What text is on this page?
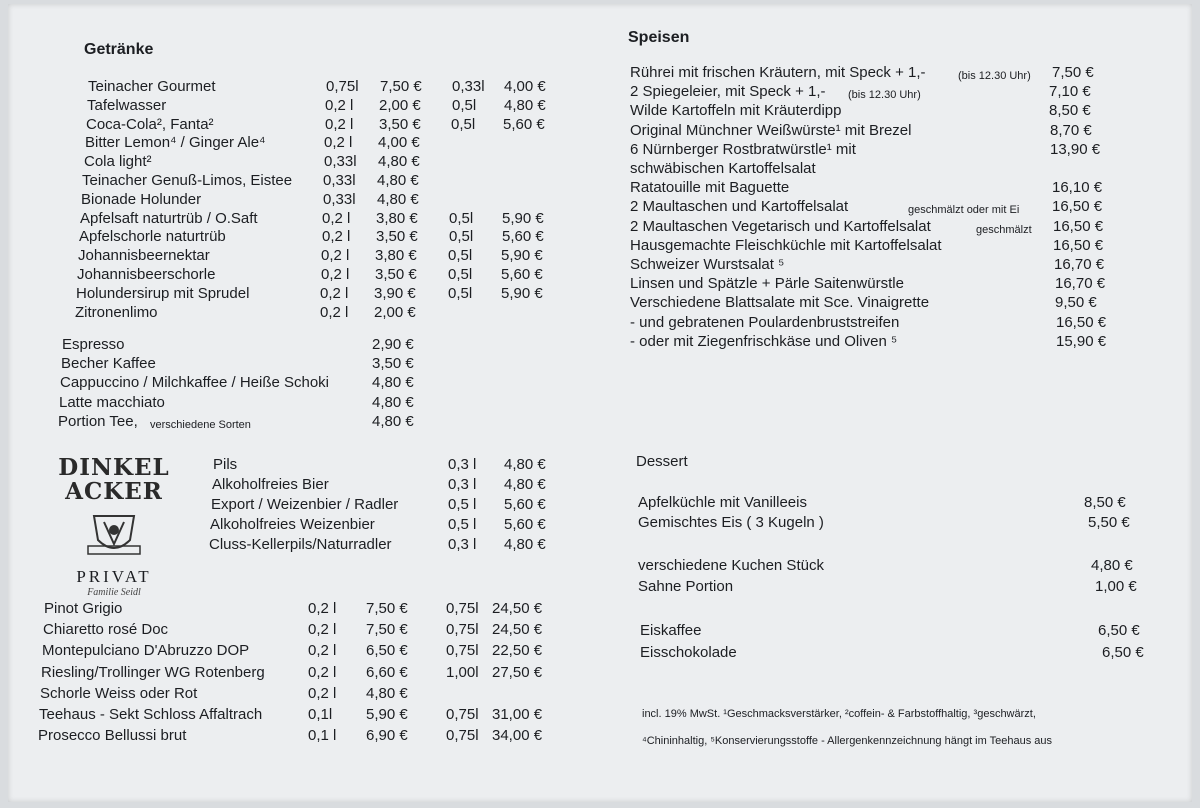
Getränke
Teinacher Gourmet	0,75l 7,50 € 0,33l 4,00 €
Tafelwasser	0,2 l 2,00 € 0,5l 4,80 €
Coca-Cola², Fanta²	0,2 l 3,50 € 0,5l 5,60 €
Bitter Lemon⁴ / Ginger Ale⁴	0,2 l 4,00 €
Cola light²	0,33l 4,80 €
Teinacher Genuß-Limos, Eistee 0,33l 4,80 €
Bionade Holunder	0,33l 4,80 €
Apfelsaft naturtrüb / O.Saft	0,2 l 3,80 € 0,5l 5,90 €
Apfelschorle naturtrüb	0,2 l 3,50 € 0,5l 5,60 €
Johannisbeernektar	0,2 l 3,80 € 0,5l 5,90 €
Johannisbeerschorle	0,2 l 3,50 € 0,5l 5,60 €
Holundersirup mit Sprudel	0,2 l 3,90 € 0,5l 5,90 €
Zitronenlimo	0,2 l 2,00 €
Espresso	2,90 €
Becher Kaffee	3,50 €
Cappuccino / Milchkaffee / Heiße Schoki	4,80 €
Latte macchiato	4,80 €
Portion Tee, verschiedene Sorten	4,80 €
DINKEL
ACKER
PRIVAT
Familie Seidl
Pils	0,3 l 4,80 €
Alkoholfreies Bier	0,3 l 4,80 €
Export / Weizenbier / Radler	0,5 l 5,60 €
Alkoholfreies Weizenbier	0,5 l 5,60 €
Cluss-Kellerpils/Naturradler	0,3 l 4,80 €
Pinot Grigio	0,2 l 7,50 €	0,75l 24,50 €
Chiaretto rosé Doc	0,2 l 7,50 €	0,75l 24,50 €
Montepulciano D'Abruzzo DOP	0,2 l 6,50 €	0,75l 22,50 €
Riesling/Trollinger WG Rotenberg	0,2 l 6,60 €	1,00l 27,50 €
Schorle Weiss oder Rot	0,2 l 4,80 €
Teehaus - Sekt Schloss Affaltrach	0,1l 5,90 €	0,75l 31,00 €
Prosecco Bellussi brut	0,1 l 6,90 €	0,75l 34,00 €
Speisen
Rührei mit frischen Kräutern, mit Speck + 1,-	7,50 €
(bis 12.30 Uhr)
2 Spiegeleier, mit Speck + 1,-	7,10 €
(bis 12.30 Uhr)
Wilde Kartoffeln mit Kräuterdipp	8,50 €
Original Münchner Weißwürste¹ mit Brezel	8,70 €
6 Nürnberger Rostbratwürstle¹ mit	13,90 €
schwäbischen Kartoffelsalat
Ratatouille mit Baguette	16,10 €
2 Maultaschen und Kartoffelsalat	16,50 €
geschmälzt oder mit Ei
2 Maultaschen Vegetarisch und Kartoffelsalat	16,50 €
geschmälzt
Hausgemachte Fleischküchle mit Kartoffelsalat	16,50 €
Schweizer Wurstsalat ⁵	16,70 €
Linsen und Spätzle + Pärle Saitenwürstle	16,70 €
Verschiedene Blattsalate mit Sce. Vinaigrette	9,50 €
- und gebratenen Poulardenbruststreifen	16,50 €
- oder mit Ziegenfrischkäse und Oliven ⁵	15,90 €
Dessert
Apfelküchle mit Vanilleeis	8,50 €
Gemischtes Eis ( 3 Kugeln )	5,50 €
verschiedene Kuchen Stück	4,80 €
Sahne Portion	1,00 €
Eiskaffee	6,50 €
Eisschokolade	6,50 €
incl. 19% MwSt. ¹Geschmacksverstärker, ²coffein- & Farbstoffhaltig, ³geschwärzt,
⁴Chininhaltig, ⁵Konservierungsstoffe - Allergenkennzeichnung hängt im Teehaus aus
